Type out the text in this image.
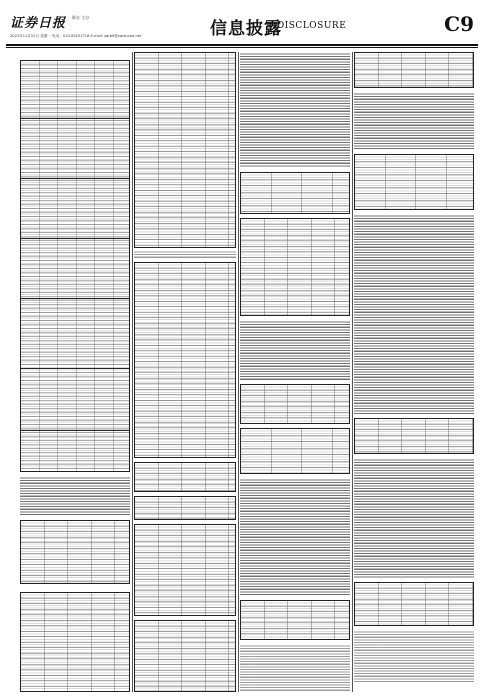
证券日报 联办 主办
2021年11月22日 星期一 电话：010-83251716 E-mail: zqrb9@zqrb.sina.net	信息披露
DISCLOSURE	C9
